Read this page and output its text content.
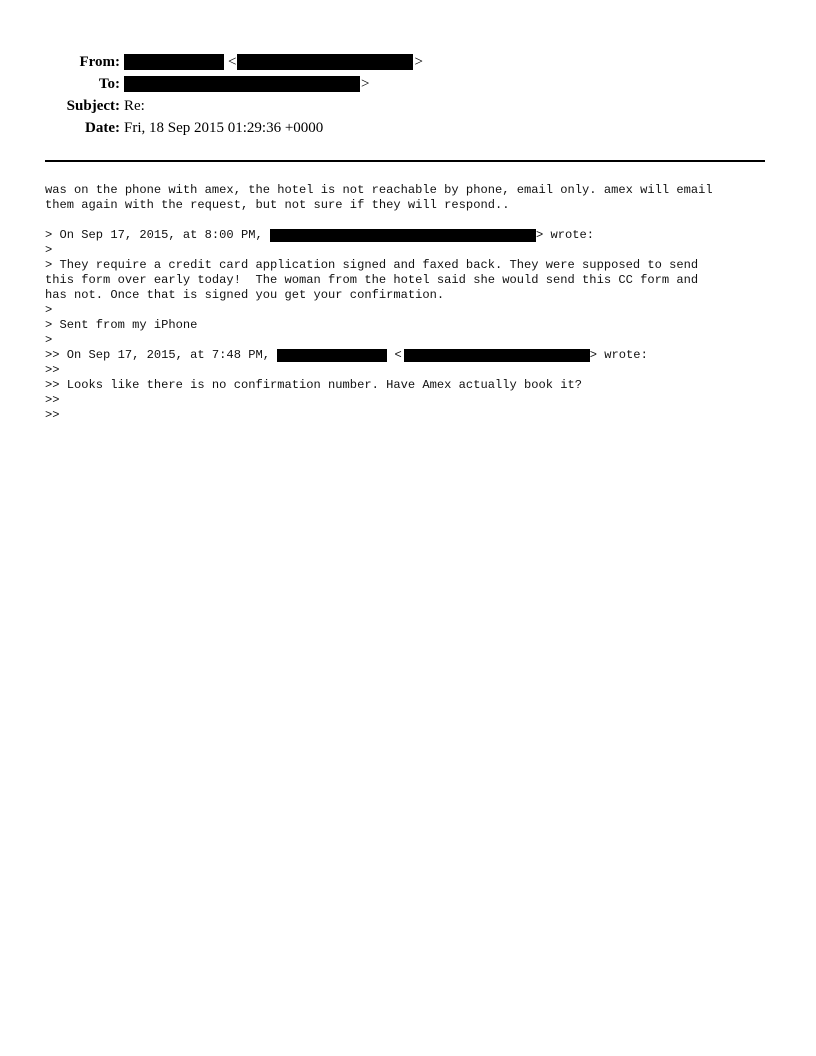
From:	<	>
To:	>
Subject: Re:
Date: Fri, 18 Sep 2015 01:29:36 +0000
was on the phone with amex, the hotel is not reachable by phone, email only. amex will email
them again with the request, but not sure if they will respond..
> On Sep 17, 2015, at 8:00 PM,	> wrote:
>
> They require a credit card application signed and faxed back. They were supposed to send
this form over early today!  The woman from the hotel said she would send this CC form and
has not. Once that is signed you get your confirmation.
>
> Sent from my iPhone
>
>> On Sep 17, 2015, at 7:48 PM,	<	> wrote:
>>
>> Looks like there is no confirmation number. Have Amex actually book it?
>>
>>
